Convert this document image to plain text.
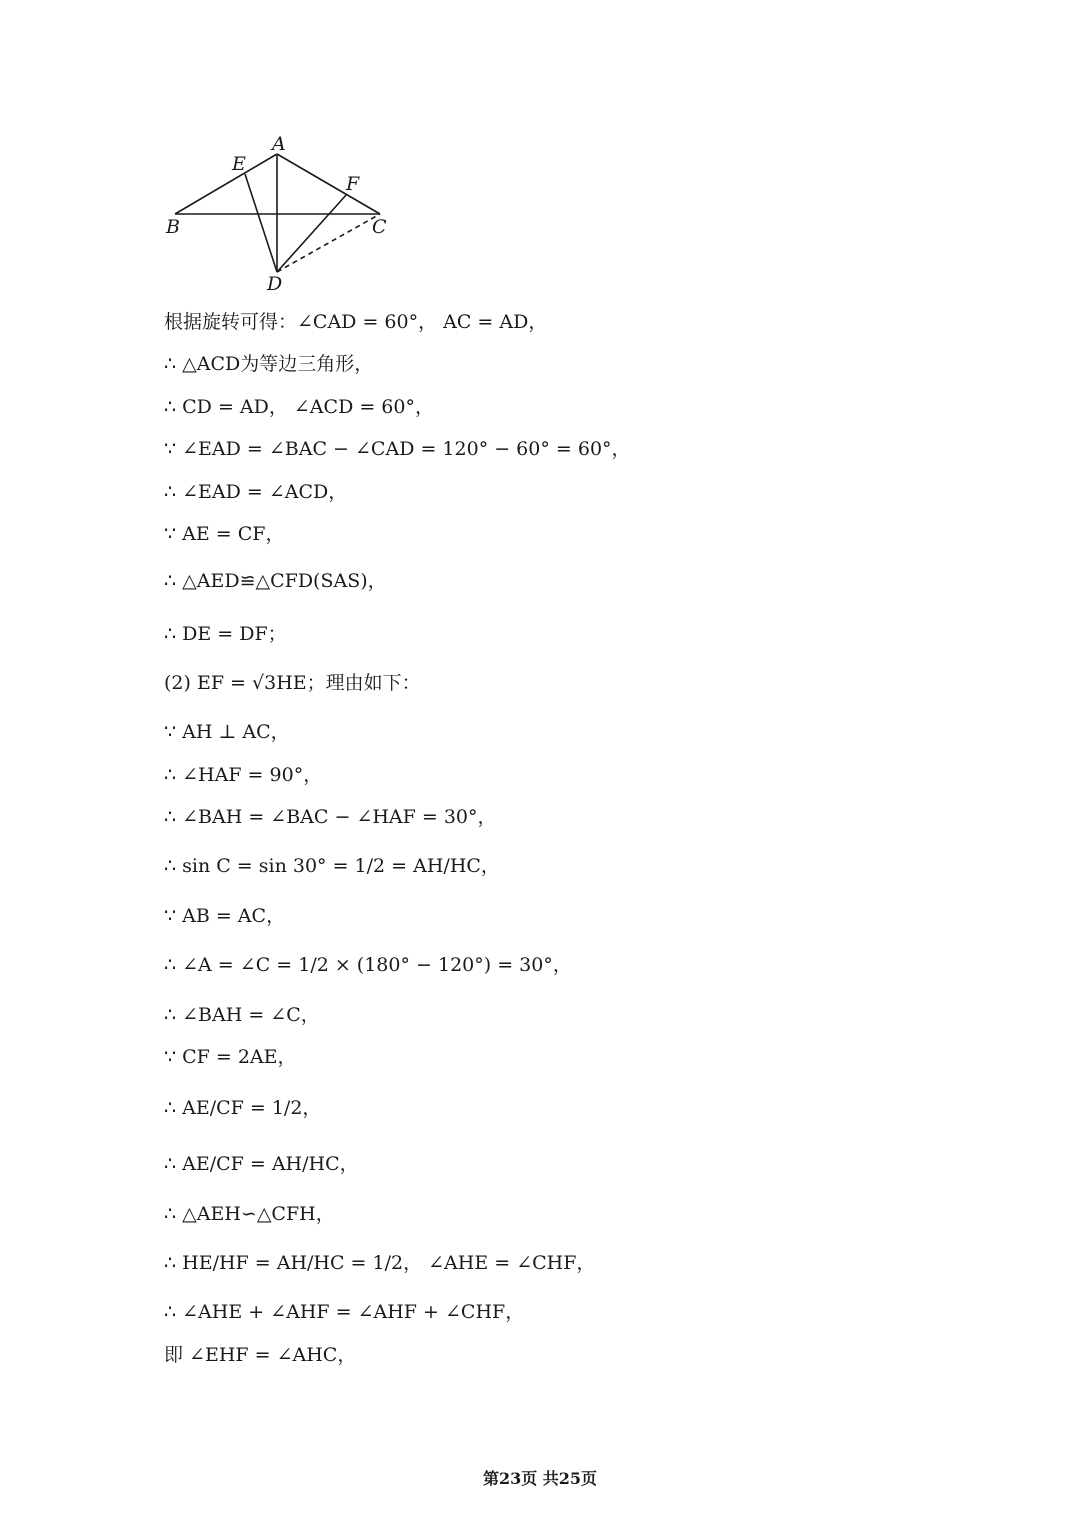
A
E
F
B	C
D
根据旋转可得：∠CAD = 60°， AC = AD，
∴ △ACD为等边三角形，
∴ CD = AD， ∠ACD = 60°，
∵ ∠EAD = ∠BAC − ∠CAD = 120° − 60° = 60°，
∴ ∠EAD = ∠ACD，
∵ AE = CF，
∴ △AED≌△CFD(SAS)，
∴ DE = DF；
(2) EF = √3HE；理由如下：
∵ AH ⊥ AC，
∴ ∠HAF = 90°，
∴ ∠BAH = ∠BAC − ∠HAF = 30°，
∴ sin C = sin 30° = 1/2 = AH/HC，
∵ AB = AC，
∴ ∠A = ∠C = 1/2 × (180° − 120°) = 30°，
∴ ∠BAH = ∠C，
∵ CF = 2AE，
∴ AE/CF = 1/2，
∴ AE/CF = AH/HC，
∴ △AEH∽△CFH，
∴ HE/HF = AH/HC = 1/2， ∠AHE = ∠CHF，
∴ ∠AHE + ∠AHF = ∠AHF + ∠CHF，
即 ∠EHF = ∠AHC，
第23页 共25页
